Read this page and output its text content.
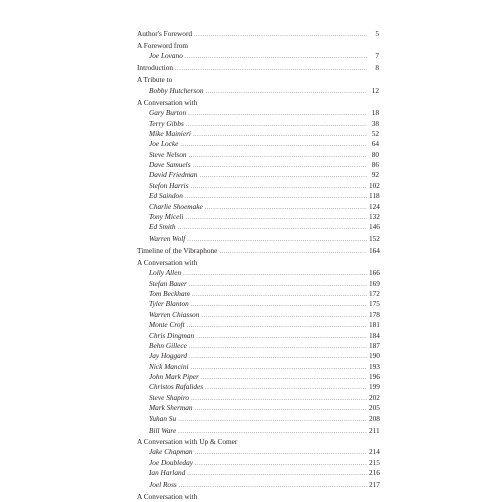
Author's Foreword .....	5
A Foreword from
Joe Lovano .....	7
Introduction .....	8
A Tribute to
Bobby Hutcherson .....	12
A Conversation with
Gary Burton .....	18
Terry Gibbs .....	38
Mike Mainieri .....	52
Joe Locke .....	64
Steve Nelson .....	80
Dave Samuels .....	86
David Friedman .....	92
Stefon Harris .....	102
Ed Saindon .....	118
Charlie Shoemake .....	124
Tony Miceli .....	132
Ed Smith .....	146
Warren Wolf .....	152
Timeline of the Vibraphone .....	164
A Conversation with
Lolly Allen .....	166
Stefan Bauer .....	169
Tom Beckham .....	172
Tyler Blanton .....	175
Warren Chiasson .....	178
Monte Croft .....	181
Chris Dingman .....	184
Behn Gillece .....	187
Jay Hoggard .....	190
Nick Mancini .....	193
John Mark Piper .....	196
Christos Rafalides .....	199
Steve Shapiro .....	202
Mark Sherman .....	205
Yuhan Su .....	208
Bill Ware .....	211
A Conversation with Up & Comer
Jake Chapman .....	214
Joe Doubleday .....	215
Ian Harland .....	216
Joel Ross .....	217
A Conversation with
